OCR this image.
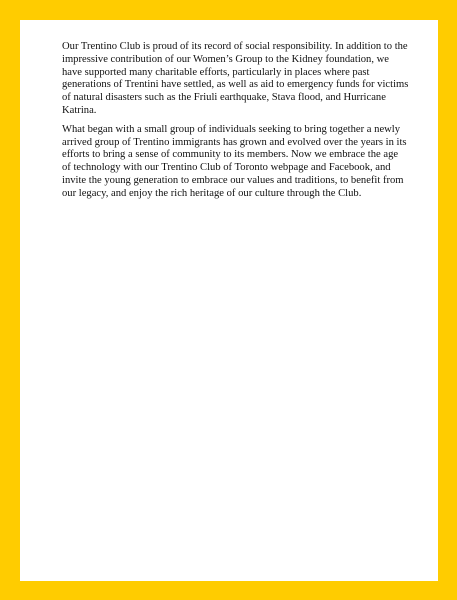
Our Trentino Club is proud of its record of social responsibility. In addition to the impressive contribution of our Women’s Group to the Kidney foundation, we have supported many charitable efforts, particularly in places where past generations of Trentini have settled, as well as aid to emergency funds for victims of natural disasters such as the Friuli earthquake, Stava flood, and Hurricane Katrina.

What began with a small group of individuals seeking to bring together a newly arrived group of Trentino immigrants has grown and evolved over the years in its efforts to bring a sense of community to its members. Now we embrace the age of technology with our Trentino Club of Toronto webpage and Facebook, and invite the young generation to embrace our values and traditions, to benefit from our legacy, and enjoy the rich heritage of our culture through the Club.
